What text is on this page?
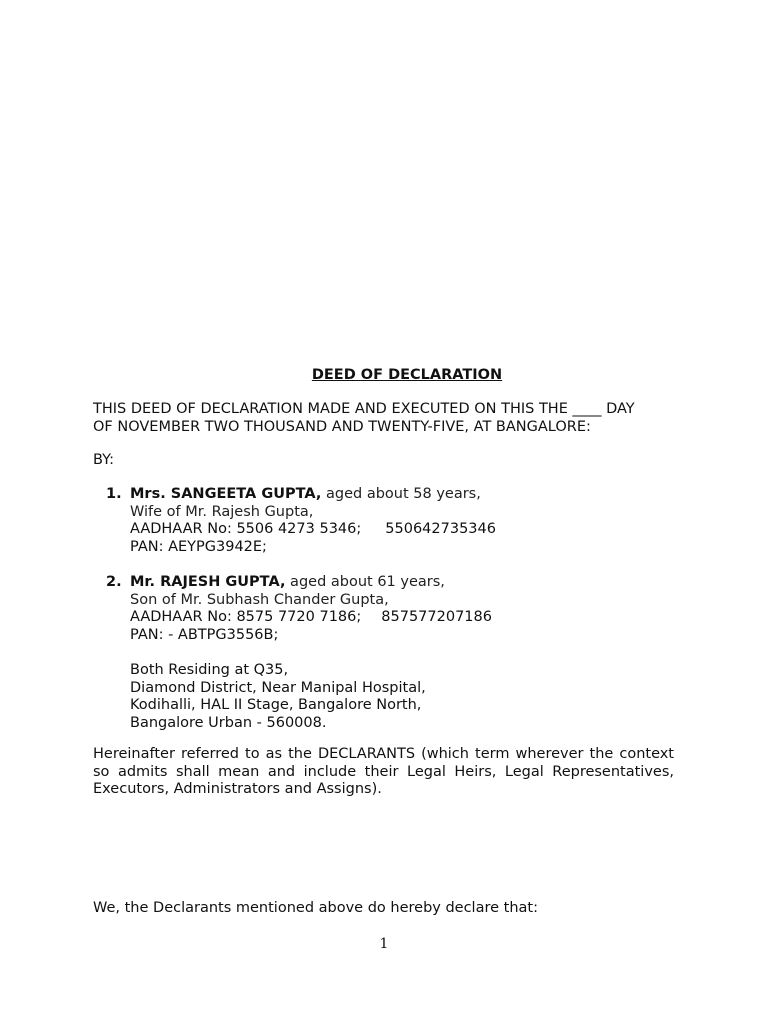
DEED OF DECLARATION
THIS DEED OF DECLARATION MADE AND EXECUTED ON THIS THE ____ DAY
OF NOVEMBER TWO THOUSAND AND TWENTY-FIVE, AT BANGALORE:
BY:
1. Mrs. SANGEETA GUPTA, aged about 58 years,
Wife of Mr. Rajesh Gupta,
AADHAAR No: 5506 4273 5346; 550642735346
PAN: AEYPG3942E;
2. Mr. RAJESH GUPTA, aged about 61 years,
Son of Mr. Subhash Chander Gupta,
AADHAAR No: 8575 7720 7186; 857577207186
PAN: - ABTPG3556B;
Both Residing at Q35,
Diamond District, Near Manipal Hospital,
Kodihalli, HAL II Stage, Bangalore North,
Bangalore Urban - 560008.
Hereinafter referred to as the DECLARANTS (which term wherever the context so admits shall mean and include their Legal Heirs, Legal Representatives, Executors, Administrators and Assigns).
We, the Declarants mentioned above do hereby declare that:
1
